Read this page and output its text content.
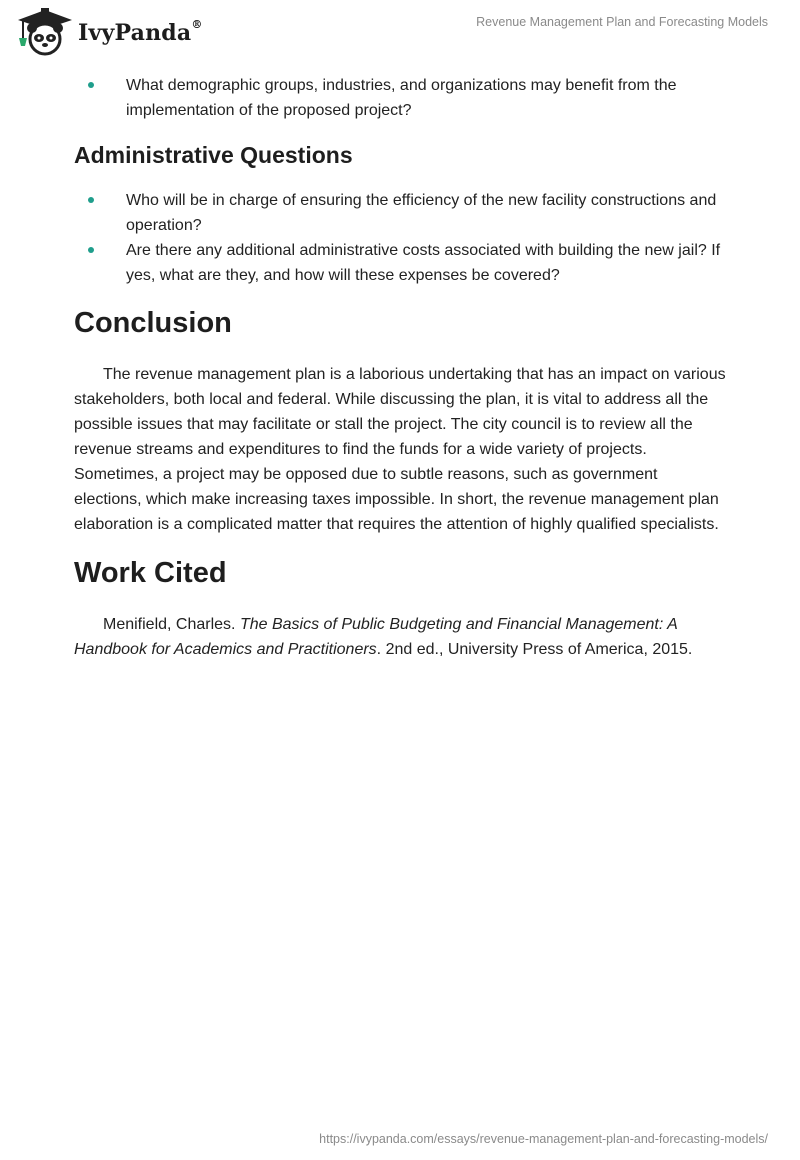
IvyPanda®	Revenue Management Plan and Forecasting Models
What demographic groups, industries, and organizations may benefit from the implementation of the proposed project?
Administrative Questions
Who will be in charge of ensuring the efficiency of the new facility constructions and operation?
Are there any additional administrative costs associated with building the new jail? If yes, what are they, and how will these expenses be covered?
Conclusion

The revenue management plan is a laborious undertaking that has an impact on various stakeholders, both local and federal. While discussing the plan, it is vital to address all the possible issues that may facilitate or stall the project. The city council is to review all the revenue streams and expenditures to find the funds for a wide variety of projects. Sometimes, a project may be opposed due to subtle reasons, such as government elections, which make increasing taxes impossible. In short, the revenue management plan elaboration is a complicated matter that requires the attention of highly qualified specialists.

Work Cited

Menifield, Charles. The Basics of Public Budgeting and Financial Management: A Handbook for Academics and Practitioners. 2nd ed., University Press of America, 2015.

https://ivypanda.com/essays/revenue-management-plan-and-forecasting-models/
